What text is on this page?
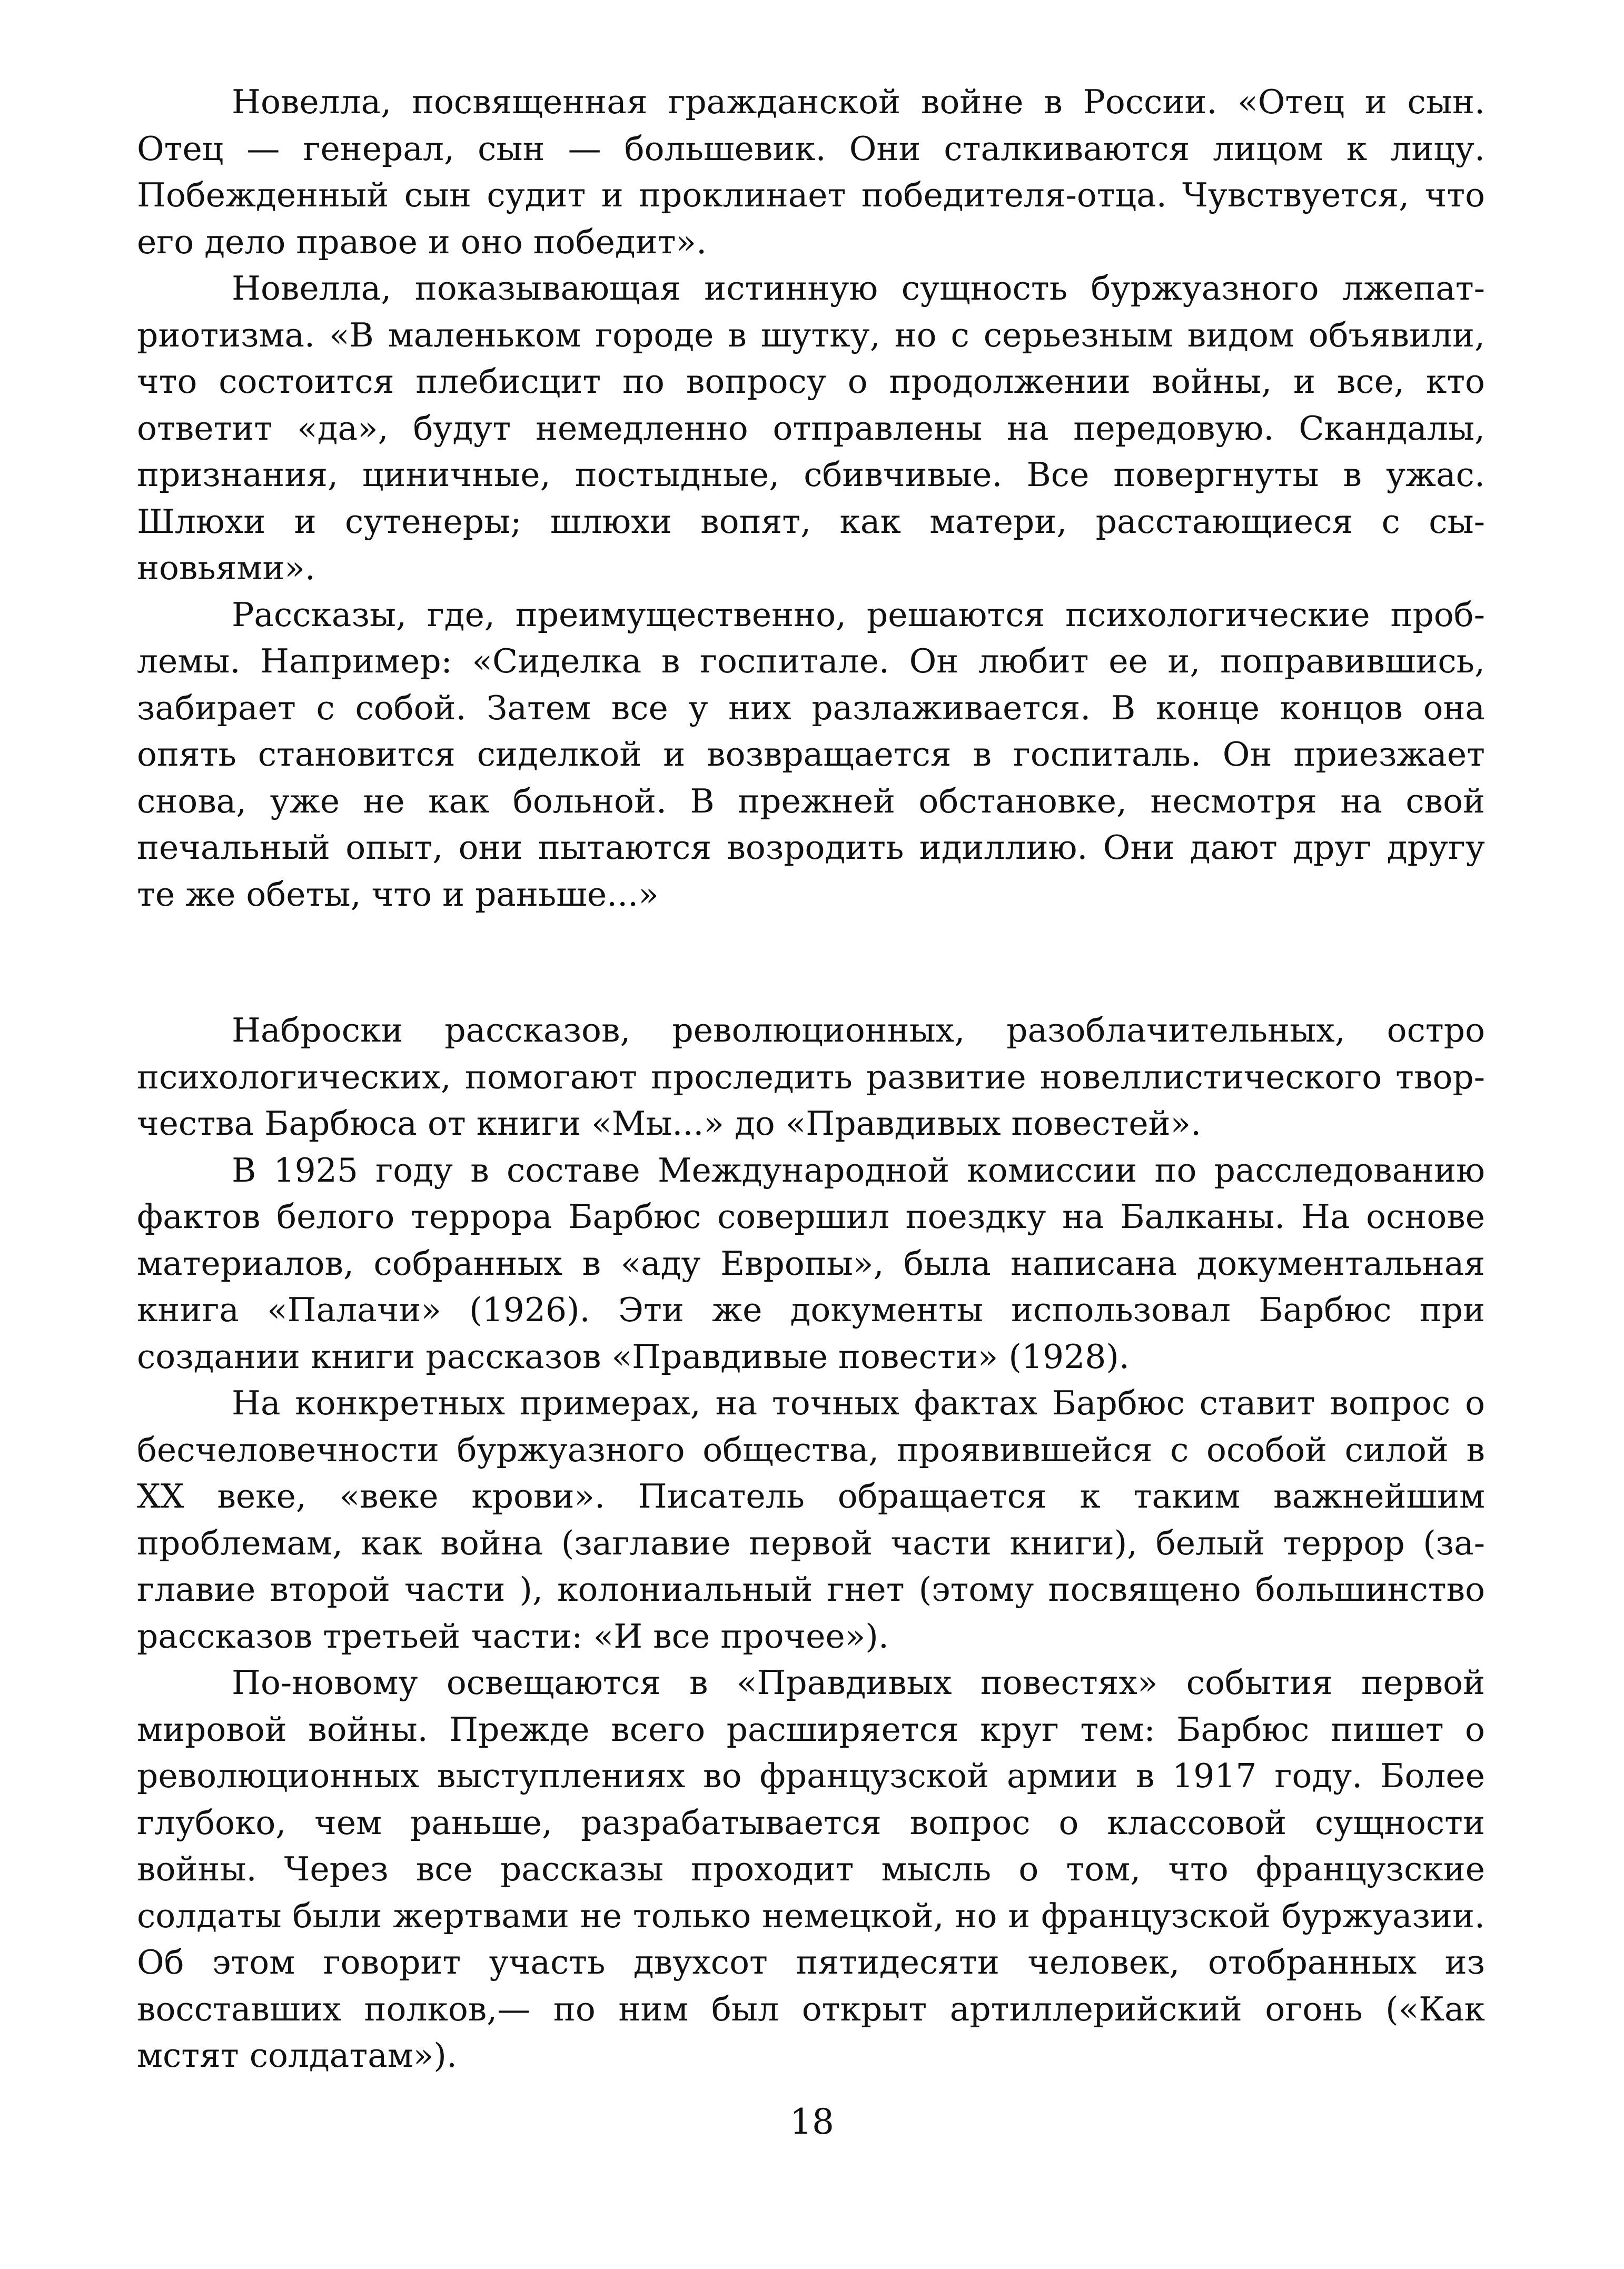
Новелла, посвященная гражданской войне в России. «Отец и сын. Отец — генерал, сын — большевик. Они сталкиваются лицом к лицу. Побежденный сын судит и проклинает победителя-отца. Чувствуется, что его дело правое и оно победит».

Новелла, показывающая истинную сущность буржуазного лжепатриотизма. «В маленьком городе в шутку, но с серьезным видом объявили, что состоится плебисцит по вопросу о продолжении войны, и все, кто ответит «да», будут немедленно отправлены на передовую. Скандалы, признания, циничные, постыдные, сбивчивые. Все повергнуты в ужас. Шлюхи и сутенеры; шлюхи вопят, как матери, расстающиеся с сыновьями».

Рассказы, где, преимущественно, решаются психологические проблемы. Например: «Сиделка в госпитале. Он любит ее и, поправившись, забирает с собой. Затем все у них разлаживается. В конце концов она опять становится сиделкой и возвращается в госпиталь. Он приезжает снова, уже не как больной. В прежней обстановке, несмотря на свой печальный опыт, они пытаются возродить идиллию. Они дают друг другу те же обеты, что и раньше...»

Наброски рассказов, революционных, разоблачительных, остро психологических, помогают проследить развитие новеллистического творчества Барбюса от книги «Мы...» до «Правдивых повестей».

В 1925 году в составе Международной комиссии по расследованию фактов белого террора Барбюс совершил поездку на Балканы. На основе материалов, собранных в «аду Европы», была написана документальная книга «Палачи» (1926). Эти же документы использовал Барбюс при создании книги рассказов «Правдивые повести» (1928).

На конкретных примерах, на точных фактах Барбюс ставит вопрос о бесчеловечности буржуазного общества, проявившейся с особой силой в XX веке, «веке крови». Писатель обращается к таким важнейшим проблемам, как война (заглавие первой части книги), белый террор (заглавие второй части ), колониальный гнет (этому посвящено большинство рассказов третьей части: «И все прочее»).

По-новому освещаются в «Правдивых повестях» события первой мировой войны. Прежде всего расширяется круг тем: Барбюс пишет о революционных выступлениях во французской армии в 1917 году. Более глубоко, чем раньше, разрабатывается вопрос о классовой сущности войны. Через все рассказы проходит мысль о том, что французские солдаты были жертвами не только немецкой, но и французской буржуазии. Об этом говорит участь двухсот пятидесяти человек, отобранных из восставших полков,— по ним был открыт артиллерийский огонь («Как мстят солдатам»).

18
